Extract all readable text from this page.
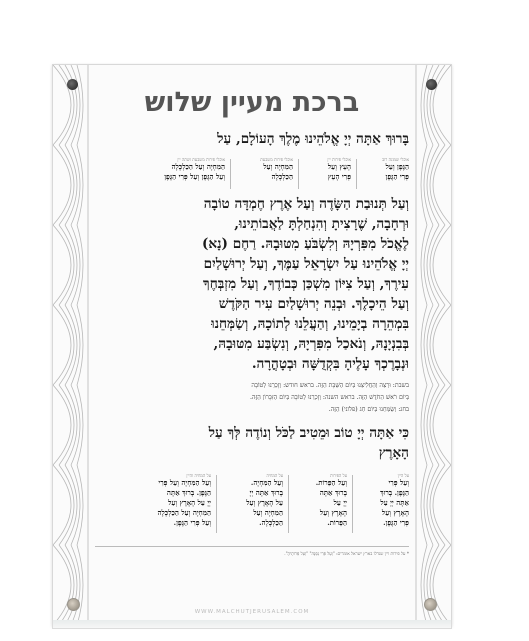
ברכת מעיין שלוש
בָּרוּךְ אַתָּה יְיָ אֱלֹהֵינוּ מֶלֶךְ הָעוֹלָם, עַל
אוכלי שמונה רזב
הַגֶּפֶן וְעַל
פְּרִי הַגֶּפֶן
אוכלי פירות יין
הָעֵץ וְעַל
פְּרִי הָעֵץ
אוכלי פירות משבעת
הַמִּחְיָה וְעַל
הַכַּלְכָּלָה
אוכלי פירות משבעת ושתה יין
הַמִּחְיָה וְעַל הַכַּלְכָּלָה
וְעַל הַגֶּפֶן וְעַל פְּרִי הַגֶּפֶן
וְעַל תְּנוּבַת הַשָּׂדֶה וְעַל אֶרֶץ חֶמְדָּה טוֹבָה
וּרְחָבָה, שֶׁרָצִיתָ וְהִנְחַלְתָּ לַאֲבוֹתֵינוּ,
לֶאֱכֹל מִפִּרְיָהּ וְלִשְׂבֹּעַ מִטּוּבָהּ. רַחֶם (נָא)
יְיָ אֱלֹהֵינוּ עַל יִשְׂרָאֵל עַמֶּךָ, וְעַל יְרוּשָׁלַיִם
עִירֶךָ, וְעַל צִיּוֹן מִשְׁכַּן כְּבוֹדֶךָ, וְעַל מִזְבְּחֶךָ
וְעַל הֵיכָלֶךָ. וּבְנֵה יְרוּשָׁלַיִם עִיר הַקֹּדֶשׁ
בִּמְהֵרָה בְיָמֵינוּ, וְהַעֲלֵנוּ לְתוֹכָהּ, וְשַׂמְּחֵנוּ
בְּבִנְיָנָהּ, וְנֹאכַל מִפִּרְיָהּ, וְנִשְׂבַּע מִטּוּבָהּ,
וּנְבָרֶכְךָ עָלֶיהָ בִּקְדֻשָּׁה וּבְטָהֳרָה.
בשבת: וּרְצֵה וְהַחֲלִיצֵנוּ בְּיוֹם הַשַּׁבָּת הַזֶּה. בראש חודש: וְזָכְרֵנוּ לְטוֹבָה
בְּיוֹם רֹאשׁ הַחֹדֶשׁ הַזֶּה. בראש השנה: וְזָכְרֵנוּ לְטוֹבָה בְּיוֹם הַזִּכָּרוֹן הַזֶּה.
בחג: וְשַׂמְּחֵנוּ בְּיוֹם חַג (פלוני) הַזֶּה.
כִּי אַתָּה יְיָ טוֹב וּמֵטִיב לַכֹּל וְנוֹדֶה לְּךָ עַל
הָאָרֶץ
על היין
וְעַל פְּרִי
הַגֶּפֶן. בָּרוּךְ
אַתָּה יְיָ עַל
הָאָרֶץ וְעַל
פְּרִי הַגֶּפֶן.
על הפירות
וְעַל הַפֵּרוֹת.
בָּרוּךְ אַתָּה
יְיָ עַל
הָאָרֶץ וְעַל
הַפֵּרוֹת.
על המחיה
וְעַל הַמִּחְיָה.
בָּרוּךְ אַתָּה יְיָ
עַל הָאָרֶץ וְעַל
הַמִּחְיָה וְעַל
הַכַּלְכָּלָה.
על המחיה והיין
וְעַל הַמִּחְיָה וְעַל פְּרִי
הַגֶּפֶן. בָּרוּךְ אַתָּה
יְיָ עַל הָאָרֶץ וְעַל
הַמִּחְיָה וְעַל הַכַּלְכָּלָה
וְעַל פְּרִי הַגֶּפֶן.
* על פירות ויין שגדלו בארץ ישראל אומרים: "וְעַל פְּרִי גַפְנָהּ" "וְעַל פֵּרוֹתֶיהָ".
WWW.MALCHUTJERUSALEM.COM
